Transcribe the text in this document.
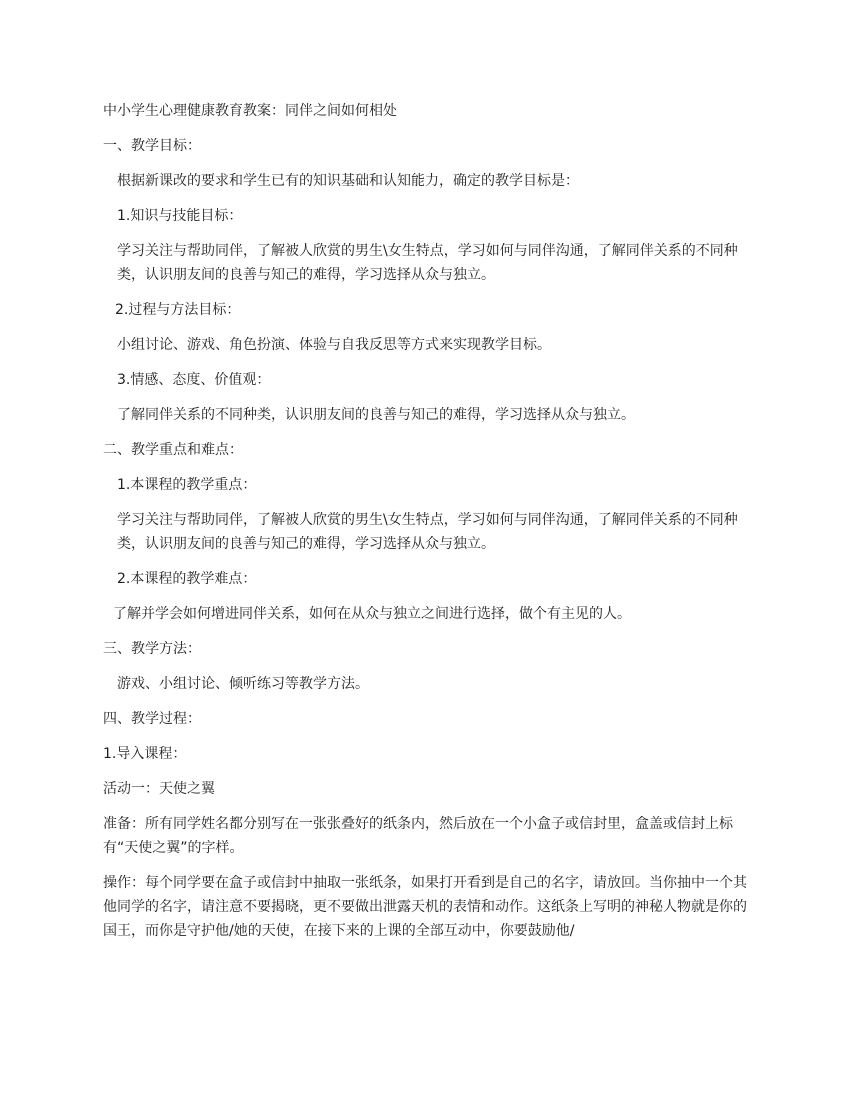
中小学生心理健康教育教案：同伴之间如何相处

一、教学目标：

根据新课改的要求和学生已有的知识基础和认知能力，确定的教学目标是：

1.知识与技能目标：

学习关注与帮助同伴，了解被人欣赏的男生\女生特点，学习如何与同伴沟通，了解同伴关系的不同种类，认识朋友间的良善与知己的难得，学习选择从众与独立。

2.过程与方法目标：

小组讨论、游戏、角色扮演、体验与自我反思等方式来实现教学目标。

3.情感、态度、价值观：

了解同伴关系的不同种类，认识朋友间的良善与知己的难得，学习选择从众与独立。

二、教学重点和难点：

1.本课程的教学重点：

学习关注与帮助同伴，了解被人欣赏的男生\女生特点，学习如何与同伴沟通，了解同伴关系的不同种类，认识朋友间的良善与知己的难得，学习选择从众与独立。

2.本课程的教学难点：

了解并学会如何增进同伴关系，如何在从众与独立之间进行选择，做个有主见的人。

三、教学方法：

游戏、小组讨论、倾听练习等教学方法。

四、教学过程：

1.导入课程：

活动一：天使之翼

准备：所有同学姓名都分别写在一张张叠好的纸条内，然后放在一个小盒子或信封里，盒盖或信封上标有“天使之翼”的字样。

操作：每个同学要在盒子或信封中抽取一张纸条，如果打开看到是自己的名字，请放回。当你抽中一个其他同学的名字，请注意不要揭晓，更不要做出泄露天机的表情和动作。这纸条上写明的神秘人物就是你的国王，而你是守护他/她的天使，在接下来的上课的全部互动中，你要鼓励他/
